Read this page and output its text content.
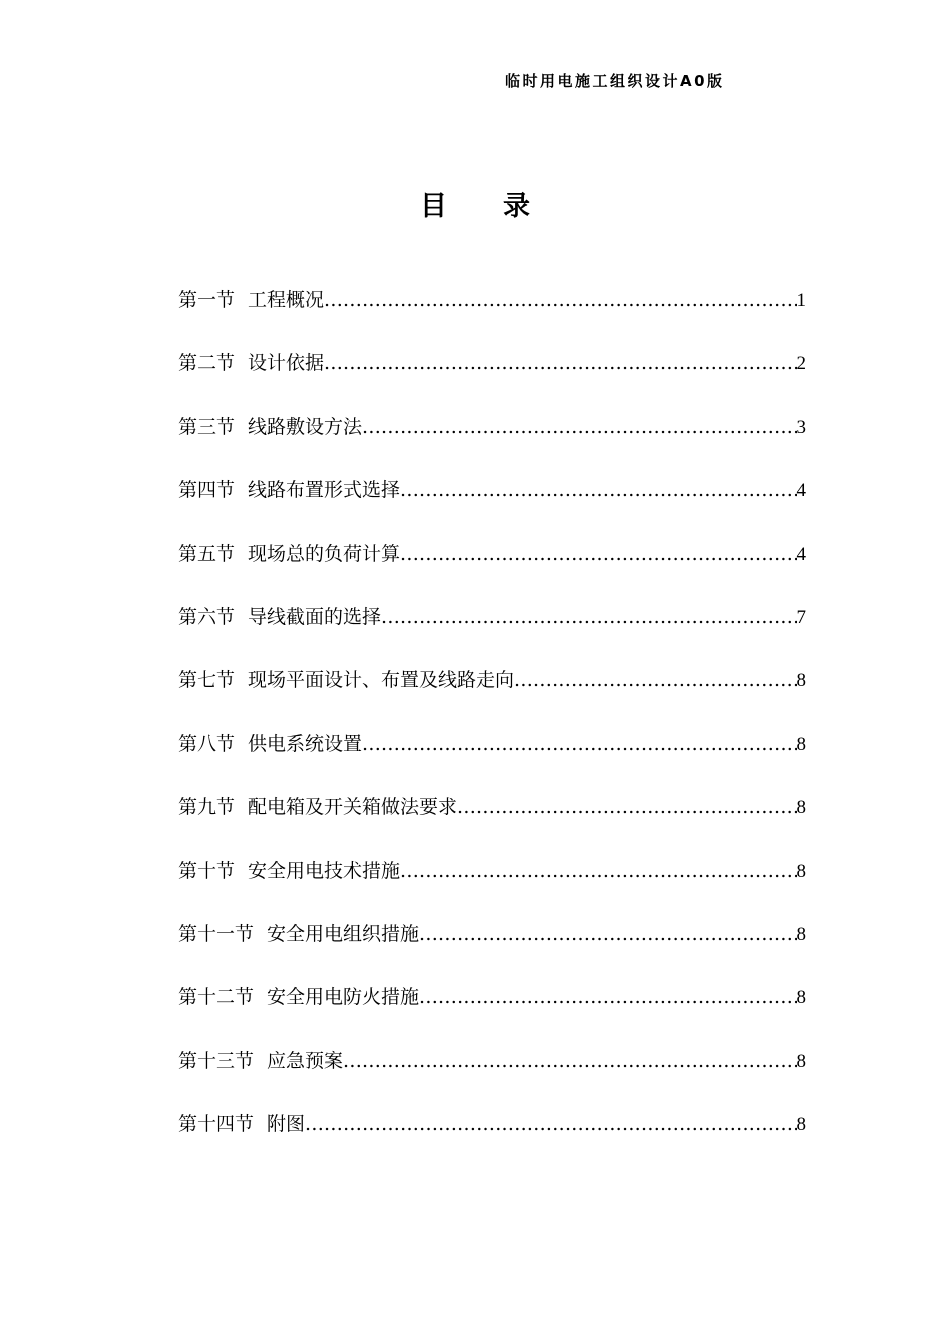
临时用电施工组织设计A0版
目 录
第一节 工程概况 .....	1
第二节 设计依据 .....	2
第三节 线路敷设方法 .....	3
第四节 线路布置形式选择 .....	4
第五节 现场总的负荷计算 .....	4
第六节 导线截面的选择 .....	7
第七节 现场平面设计、布置及线路走向 .....	8
第八节 供电系统设置 .....	8
第九节 配电箱及开关箱做法要求 .....	8
第十节 安全用电技术措施 .....	8
第十一节 安全用电组织措施 .....	8
第十二节 安全用电防火措施 .....	8
第十三节 应急预案 .....	8
第十四节 附图 .....	8
